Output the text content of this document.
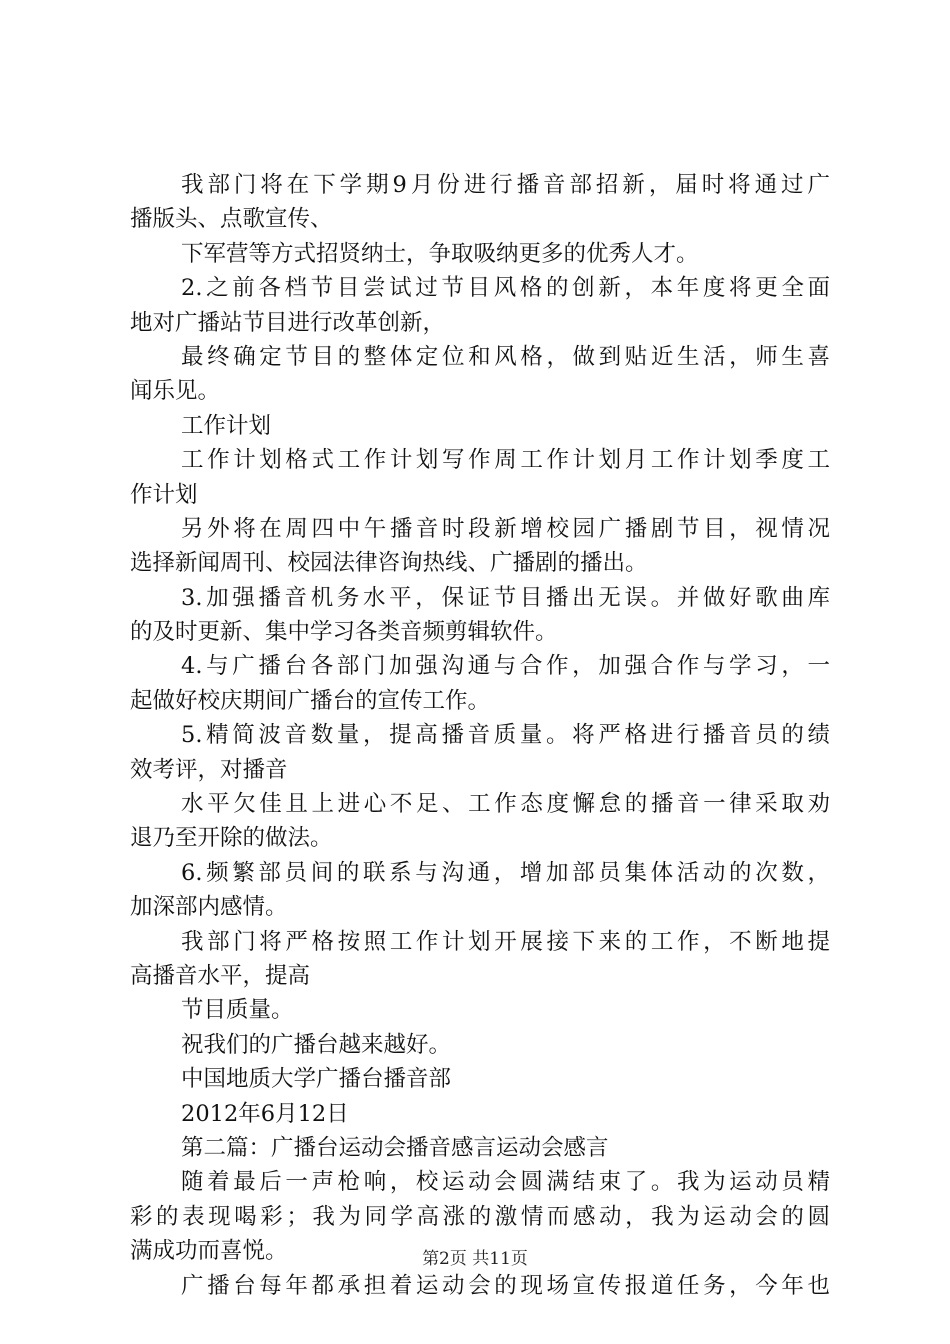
我部门将在下学期9月份进行播音部招新，届时将通过广
播版头、点歌宣传、
下军营等方式招贤纳士，争取吸纳更多的优秀人才。
2.之前各档节目尝试过节目风格的创新，本年度将更全面
地对广播站节目进行改革创新，
最终确定节目的整体定位和风格，做到贴近生活，师生喜
闻乐见。
工作计划
工作计划格式工作计划写作周工作计划月工作计划季度工
作计划
另外将在周四中午播音时段新增校园广播剧节目，视情况
选择新闻周刊、校园法律咨询热线、广播剧的播出。
3.加强播音机务水平，保证节目播出无误。并做好歌曲库
的及时更新、集中学习各类音频剪辑软件。
4.与广播台各部门加强沟通与合作，加强合作与学习，一
起做好校庆期间广播台的宣传工作。
5.精简波音数量，提高播音质量。将严格进行播音员的绩
效考评，对播音
水平欠佳且上进心不足、工作态度懈怠的播音一律采取劝
退乃至开除的做法。
6.频繁部员间的联系与沟通，增加部员集体活动的次数，
加深部内感情。
我部门将严格按照工作计划开展接下来的工作，不断地提
高播音水平，提高
节目质量。
祝我们的广播台越来越好。
中国地质大学广播台播音部
2012年6月12日
第二篇：广播台运动会播音感言运动会感言
随着最后一声枪响，校运动会圆满结束了。我为运动员精
彩的表现喝彩；我为同学高涨的激情而感动，我为运动会的圆
满成功而喜悦。
广播台每年都承担着运动会的现场宣传报道任务，今年也
第2页 共11页
